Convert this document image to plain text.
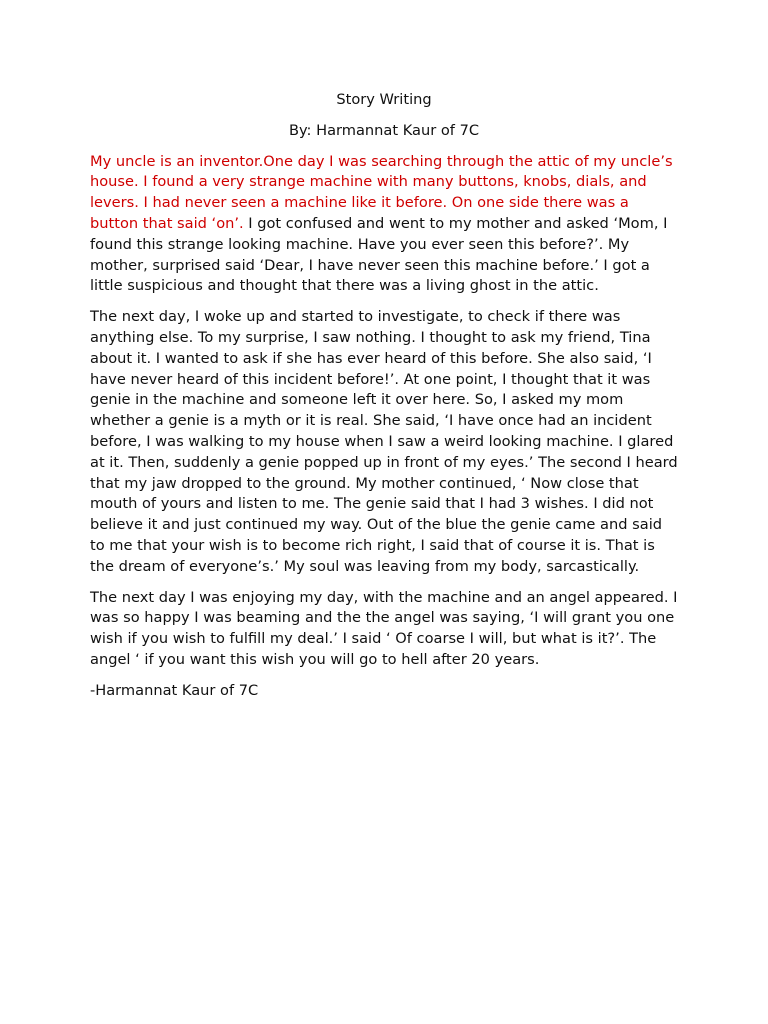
Story Writing

By: Harmannat Kaur of 7C

My uncle is an inventor.One day I was searching through the attic of my uncle’s house. I found a very strange machine with many buttons, knobs, dials, and levers. I had never seen a machine like it before. On one side there was a button that said ‘on’. I got confused and went to my mother and asked ‘Mom, I found this strange looking machine. Have you ever seen this before?’. My mother, surprised said ‘Dear, I have never seen this machine before.’ I got a little suspicious and thought that there was a living ghost in the attic.

The next day, I woke up and started to investigate, to check if there was anything else. To my surprise, I saw nothing. I thought to ask my friend, Tina about it. I wanted to ask if she has ever heard of this before. She also said, ‘I have never heard of this incident before!’. At one point, I thought that it was genie in the machine and someone left it over here. So, I asked my mom whether a genie is a myth or it is real. She said, ‘I have once had an incident before, I was walking to my house when I saw a weird looking machine. I glared at it. Then, suddenly a genie popped up in front of my eyes.’ The second I heard that my jaw dropped to the ground. My mother continued, ‘ Now close that mouth of yours and listen to me. The genie said that I had 3 wishes. I did not believe it and just continued my way. Out of the blue the genie came and said to me that your wish is to become rich right, I said that of course it is. That is the dream of everyone’s.’ My soul was leaving from my body, sarcastically.

The next day I was enjoying my day, with the machine and an angel appeared. I was so happy I was beaming and the the angel was saying, ‘I will grant you one wish if you wish to fulfill my deal.’ I said ‘ Of coarse I will, but what is it?’. The angel ‘ if you want this wish you will go to hell after 20 years.

-Harmannat Kaur of 7C
